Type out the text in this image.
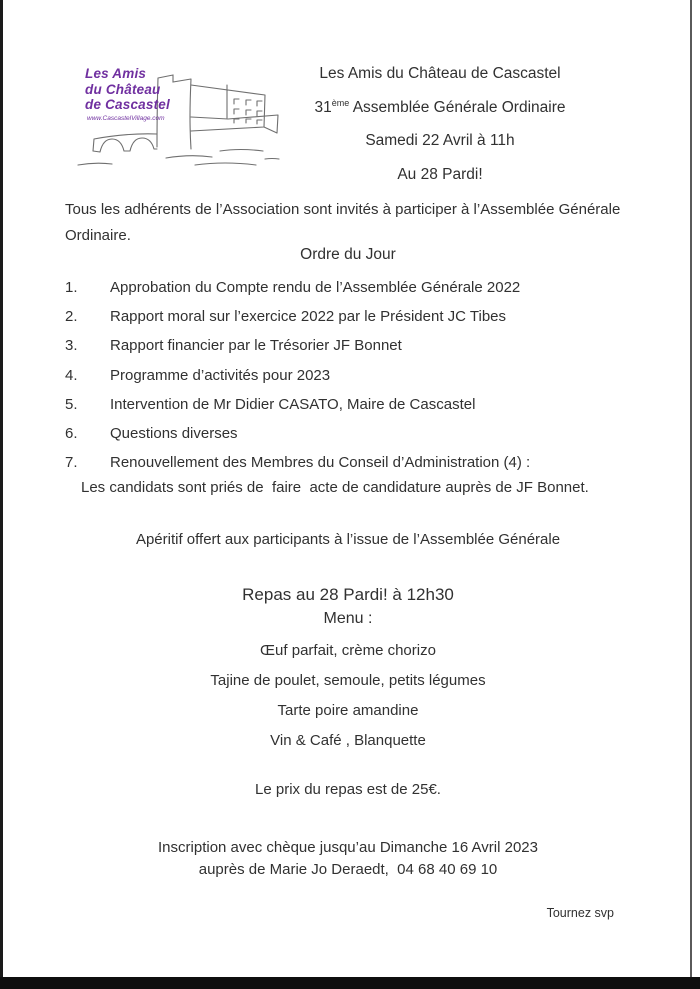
Les Amis
du Château
de Cascastel
www.CascastelVillage.com
Les Amis du Château de Cascastel
31ème Assemblée Générale Ordinaire
Samedi 22 Avril à 11h
Au 28 Pardi!
Tous les adhérents de l’Association sont invités à participer à l’Assemblée Générale Ordinaire.
Ordre du Jour
1. Approbation du Compte rendu de l’Assemblée Générale 2022
2. Rapport moral sur l’exercice 2022 par le Président JC Tibes
3. Rapport financier par le Trésorier JF Bonnet
4. Programme d’activités pour 2023
5. Intervention de Mr Didier CASATO, Maire de Cascastel
6. Questions diverses
7. Renouvellement des Membres du Conseil d’Administration (4) :
Les candidats sont priés de  faire  acte de candidature auprès de JF Bonnet.
Apéritif offert aux participants à l’issue de l’Assemblée Générale
Repas au 28 Pardi! à 12h30
Menu :
Œuf parfait, crème chorizo
Tajine de poulet, semoule, petits légumes
Tarte poire amandine
Vin & Café , Blanquette
Le prix du repas est de 25€.
Inscription avec chèque jusqu’au Dimanche 16 Avril 2023
auprès de Marie Jo Deraedt,  04 68 40 69 10
Tournez svp
